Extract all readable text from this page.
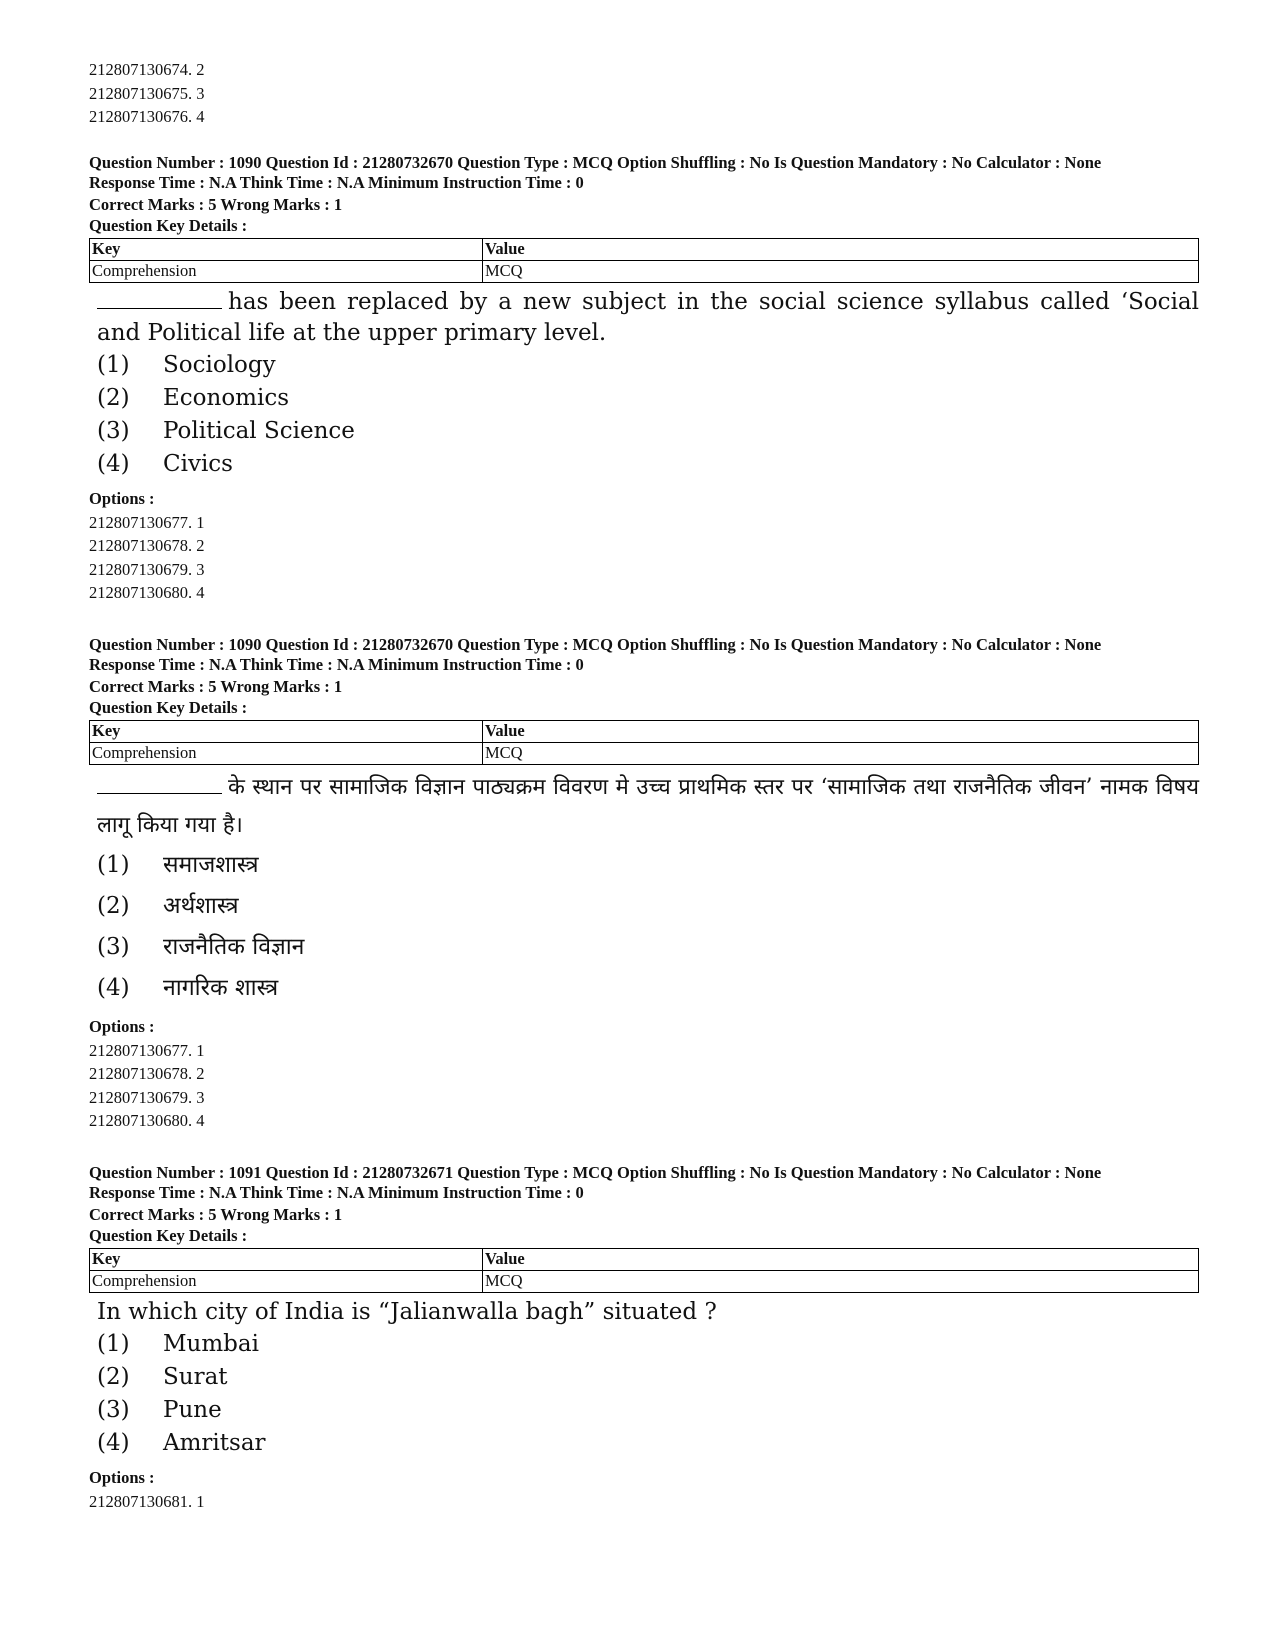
212807130674. 2

212807130675. 3

212807130676. 4

Question Number : 1090 Question Id : 21280732670 Question Type : MCQ Option Shuffling : No Is Question Mandatory : No Calculator : None

Response Time : N.A Think Time : N.A Minimum Instruction Time : 0

Correct Marks : 5 Wrong Marks : 1

Question Key Details :

Key	Value
Comprehension	MCQ

has been replaced by a new subject in the social science syllabus called ‘Social and Political life at the upper primary level.

(1)	Sociology
(2)	Economics
(3)	Political Science
(4)	Civics

Options :

212807130677. 1

212807130678. 2

212807130679. 3

212807130680. 4

Question Number : 1090 Question Id : 21280732670 Question Type : MCQ Option Shuffling : No Is Question Mandatory : No Calculator : None

Response Time : N.A Think Time : N.A Minimum Instruction Time : 0

Correct Marks : 5 Wrong Marks : 1

Question Key Details :

Key	Value
Comprehension	MCQ

के स्थान पर सामाजिक विज्ञान पाठ्यक्रम विवरण मे उच्च प्राथमिक स्तर पर ‘सामाजिक तथा राजनैतिक जीवन’ नामक विषय लागू किया गया है।

(1)	समाजशास्त्र
(2)	अर्थशास्त्र
(3)	राजनैतिक विज्ञान
(4)	नागरिक शास्त्र

Options :

212807130677. 1

212807130678. 2

212807130679. 3

212807130680. 4

Question Number : 1091 Question Id : 21280732671 Question Type : MCQ Option Shuffling : No Is Question Mandatory : No Calculator : None

Response Time : N.A Think Time : N.A Minimum Instruction Time : 0

Correct Marks : 5 Wrong Marks : 1

Question Key Details :

Key	Value
Comprehension	MCQ

In which city of India is “Jalianwalla bagh” situated ?

(1)	Mumbai
(2)	Surat
(3)	Pune
(4)	Amritsar

Options :

212807130681. 1
